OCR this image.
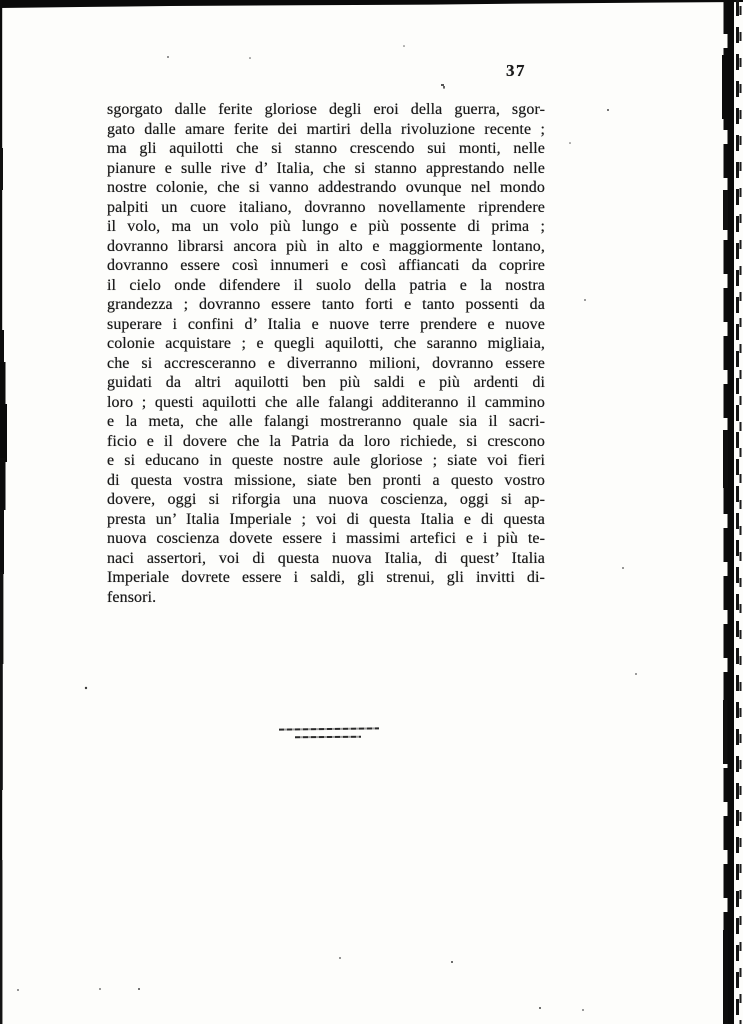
37
sgorgato dalle ferite gloriose degli eroi della guerra, sgor-
gato dalle amare ferite dei martiri della rivoluzione recente ;
ma gli aquilotti che si stanno crescendo sui monti, nelle
pianure e sulle rive d’ Italia, che si stanno apprestando nelle
nostre colonie, che si vanno addestrando ovunque nel mondo
palpiti un cuore italiano, dovranno novellamente riprendere
il volo, ma un volo più lungo e più possente di prima ;
dovranno librarsi ancora più in alto e maggiormente lontano,
dovranno essere così innumeri e così affiancati da coprire
il cielo onde difendere il suolo della patria e la nostra
grandezza ; dovranno essere tanto forti e tanto possenti da
superare i confini d’ Italia e nuove terre prendere e nuove
colonie acquistare ; e quegli aquilotti, che saranno migliaia,
che si accresceranno e diverranno milioni, dovranno essere
guidati da altri aquilotti ben più saldi e più ardenti di
loro ; questi aquilotti che alle falangi additeranno il cammino
e la meta, che alle falangi mostreranno quale sia il sacri-
ficio e il dovere che la Patria da loro richiede, si crescono
e si educano in queste nostre aule gloriose ; siate voi fieri
di questa vostra missione, siate ben pronti a questo vostro
dovere, oggi si riforgia una nuova coscienza, oggi si ap-
presta un’ Italia Imperiale ; voi di questa Italia e di questa
nuova coscienza dovete essere i massimi artefici e i più te-
naci assertori, voi di questa nuova Italia, di quest’ Italia
Imperiale dovrete essere i saldi, gli strenui, gli invitti di-
fensori.
